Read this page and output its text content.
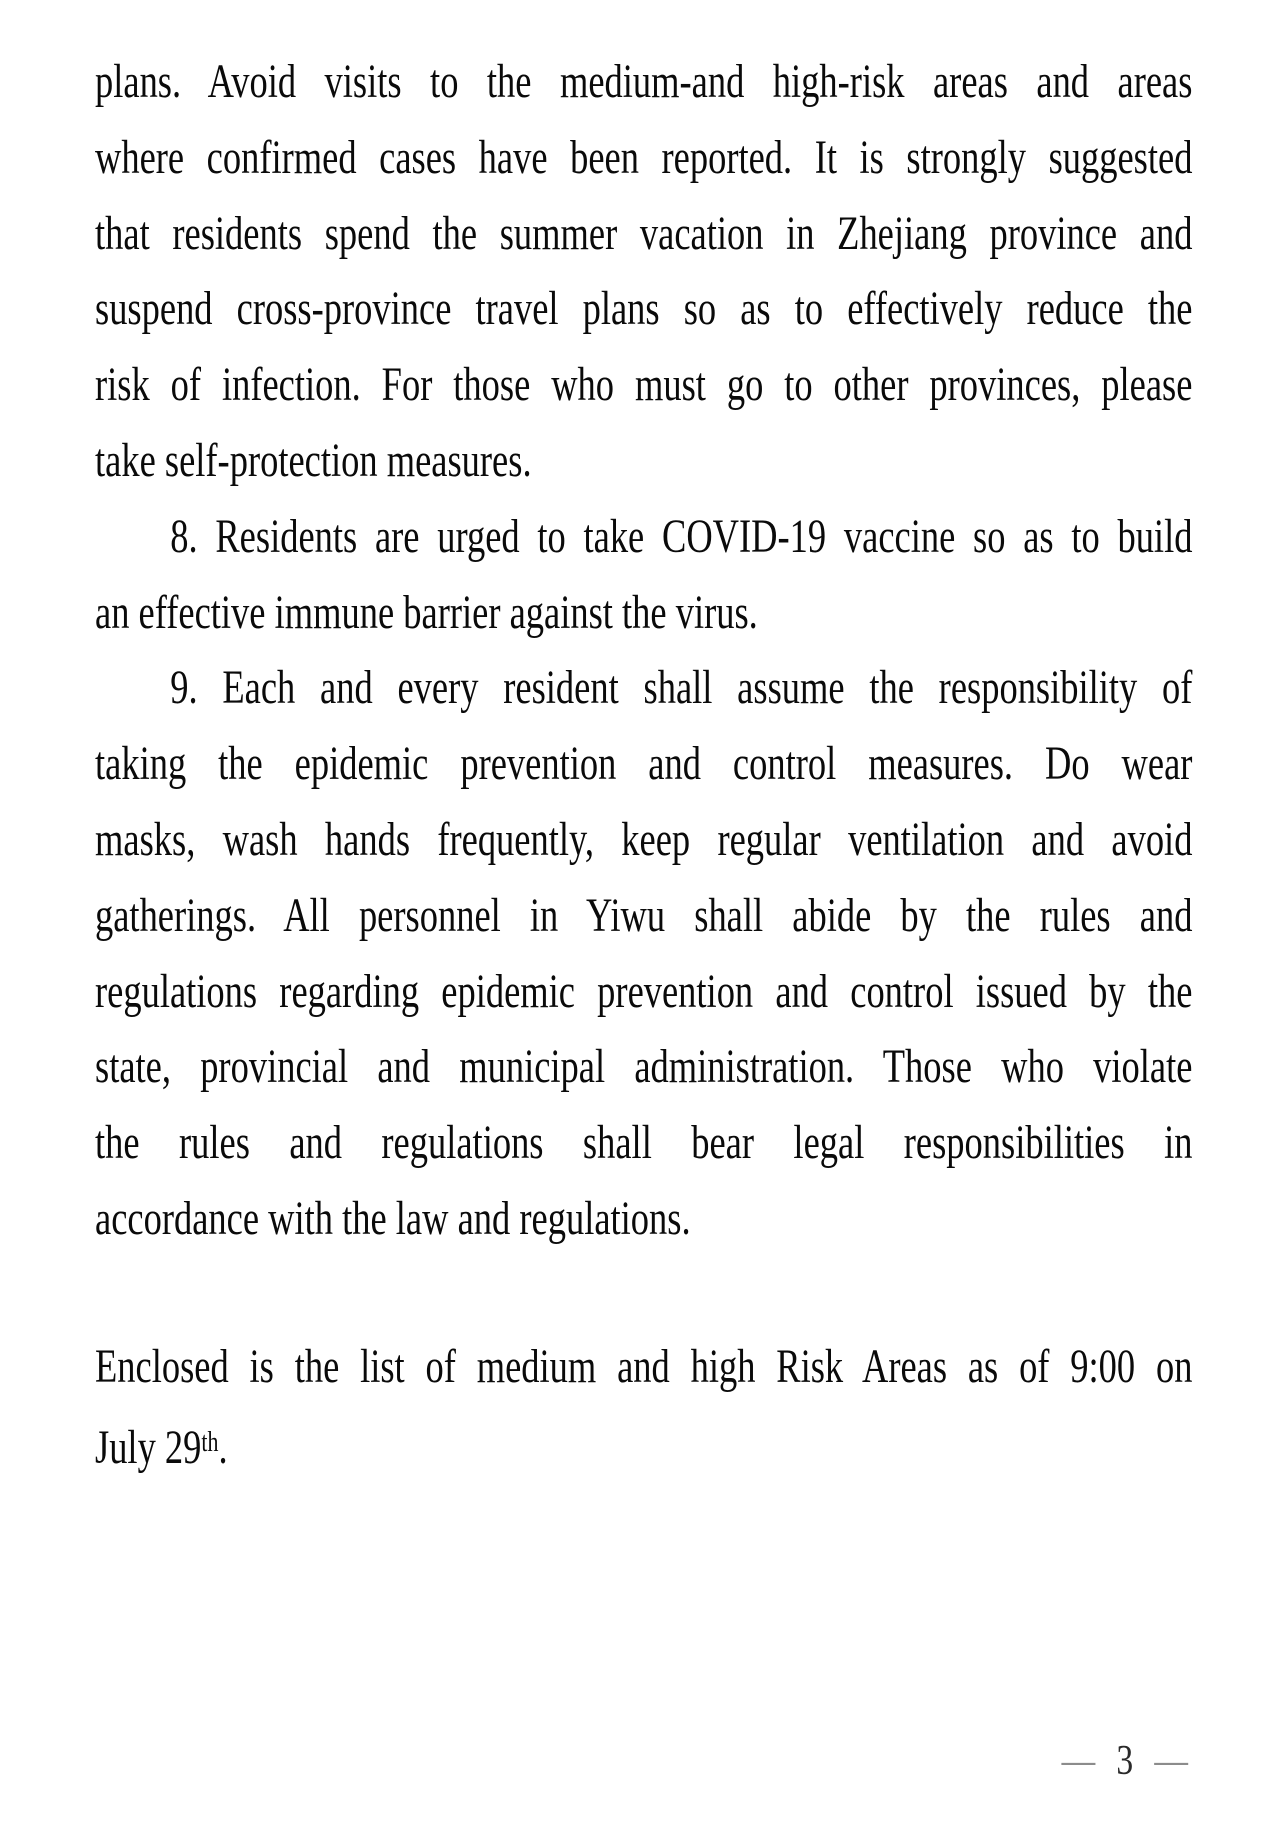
plans. Avoid visits to the medium-and high-risk areas and areas
where confirmed cases have been reported. It is strongly suggested
that residents spend the summer vacation in Zhejiang province and
suspend cross-province travel plans so as to effectively reduce the
risk of infection. For those who must go to other provinces, please
take self-protection measures.
8. Residents are urged to take COVID-19 vaccine so as to build
an effective immune barrier against the virus.
9. Each and every resident shall assume the responsibility of
taking the epidemic prevention and control measures. Do wear
masks, wash hands frequently, keep regular ventilation and avoid
gatherings. All personnel in Yiwu shall abide by the rules and
regulations regarding epidemic prevention and control issued by the
state, provincial and municipal administration. Those who violate
the rules and regulations shall bear legal responsibilities in
accordance with the law and regulations.
Enclosed is the list of medium and high Risk Areas as of 9:00 on
July 29th.
— 3 —
